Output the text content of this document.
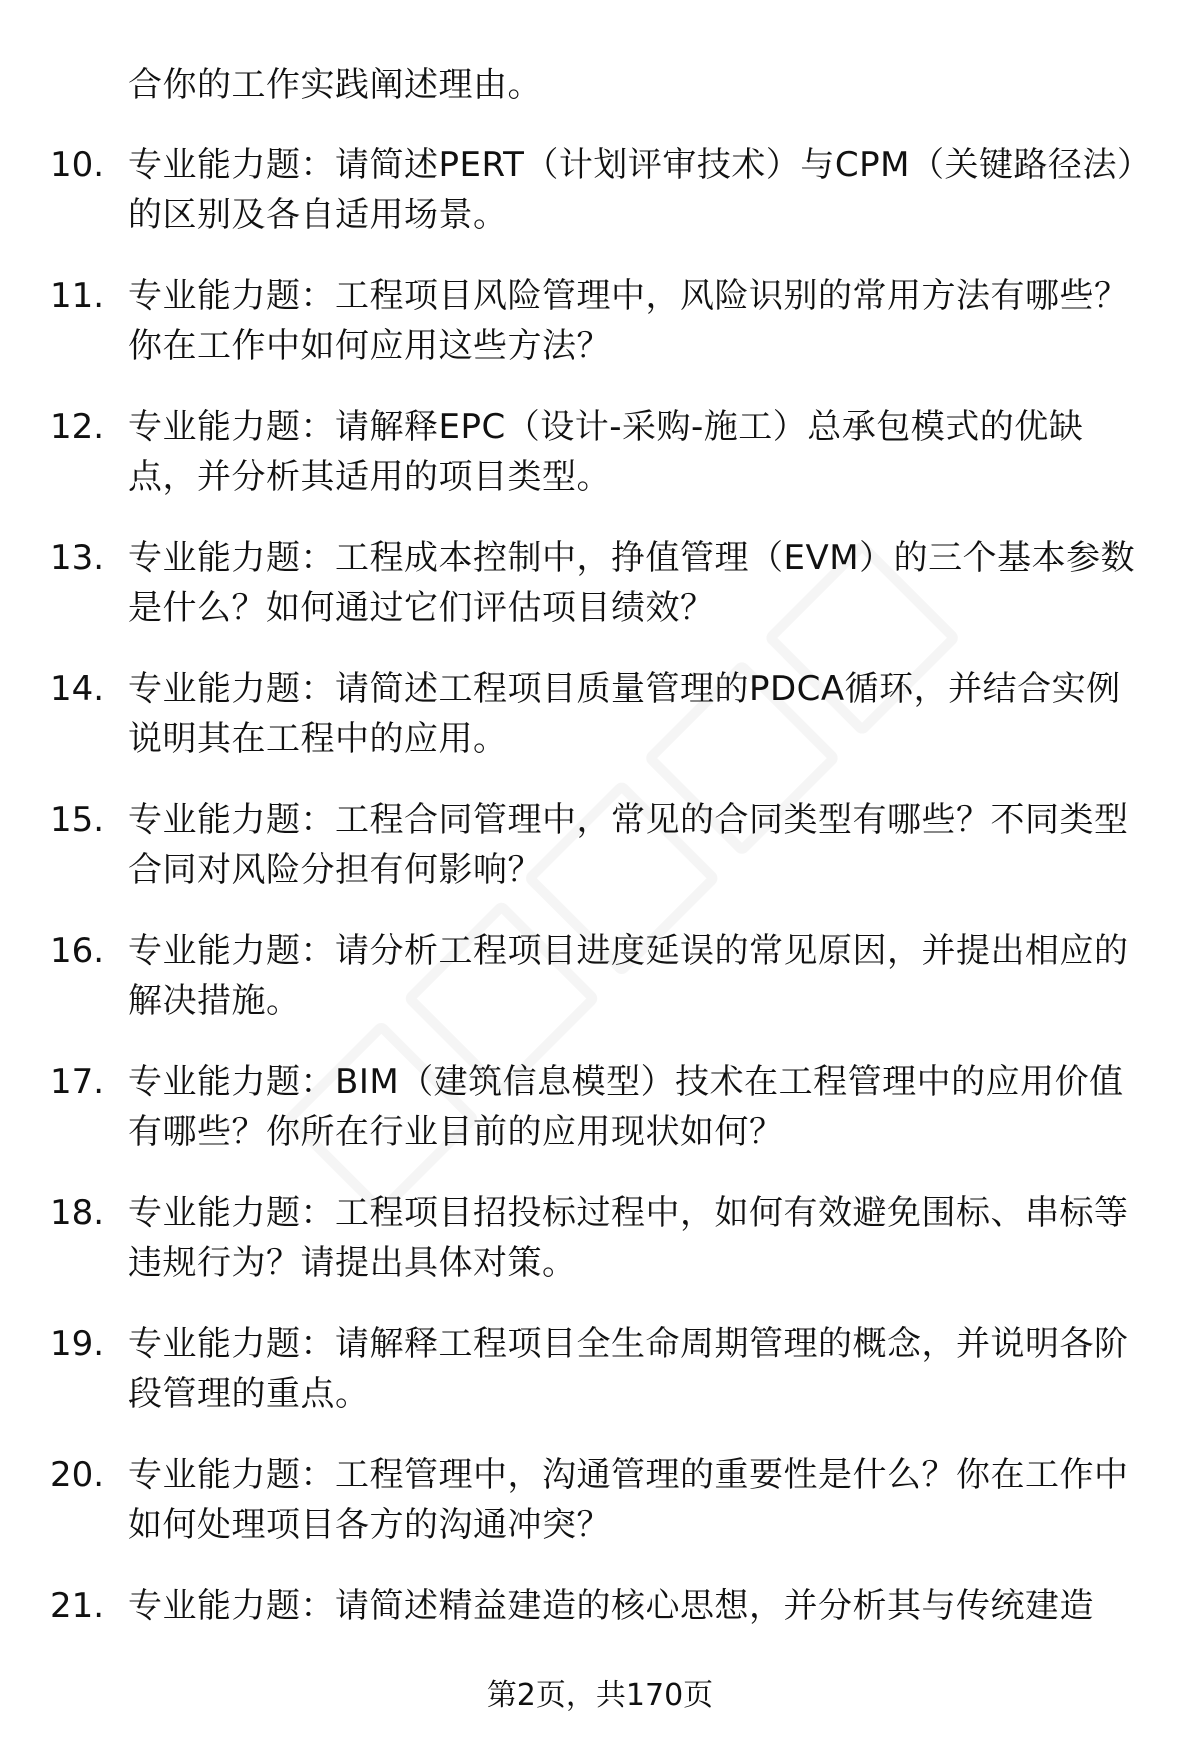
合你的工作实践阐述理由。
10. 专业能力题：请简述PERT（计划评审技术）与CPM（关键路径法）的区别及各自适用场景。
11. 专业能力题：工程项目风险管理中，风险识别的常用方法有哪些？你在工作中如何应用这些方法？
12. 专业能力题：请解释EPC（设计-采购-施工）总承包模式的优缺点，并分析其适用的项目类型。
13. 专业能力题：工程成本控制中，挣值管理（EVM）的三个基本参数是什么？如何通过它们评估项目绩效？
14. 专业能力题：请简述工程项目质量管理的PDCA循环，并结合实例说明其在工程中的应用。
15. 专业能力题：工程合同管理中，常见的合同类型有哪些？不同类型合同对风险分担有何影响？
16. 专业能力题：请分析工程项目进度延误的常见原因，并提出相应的解决措施。
17. 专业能力题：BIM（建筑信息模型）技术在工程管理中的应用价值有哪些？你所在行业目前的应用现状如何？
18. 专业能力题：工程项目招投标过程中，如何有效避免围标、串标等违规行为？请提出具体对策。
19. 专业能力题：请解释工程项目全生命周期管理的概念，并说明各阶段管理的重点。
20. 专业能力题：工程管理中，沟通管理的重要性是什么？你在工作中如何处理项目各方的沟通冲突？
21. 专业能力题：请简述精益建造的核心思想，并分析其与传统建造
第2页，共170页
